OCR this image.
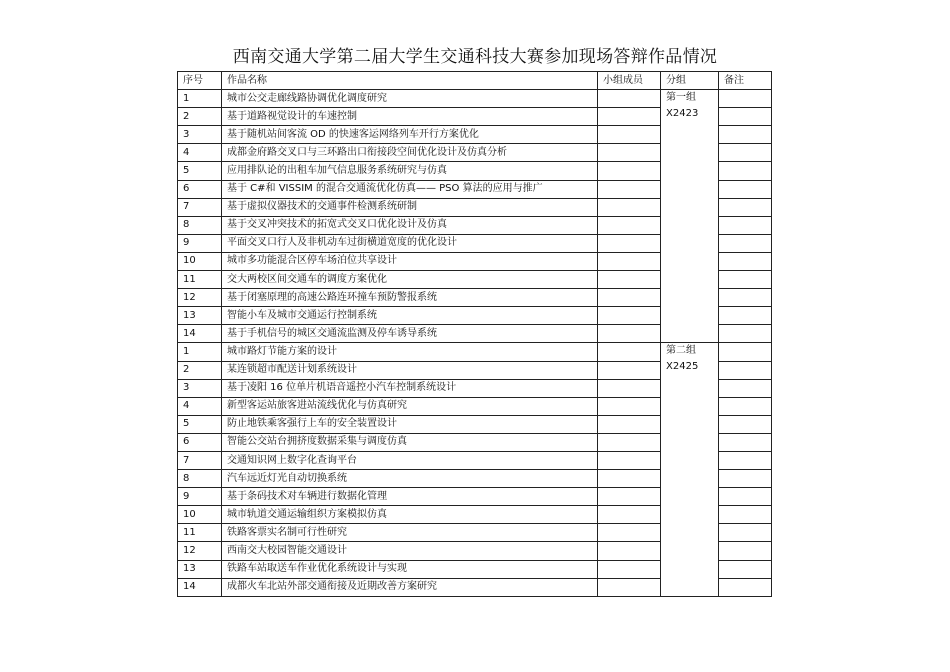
西南交通大学第二届大学生交通科技大赛参加现场答辩作品情况
序号	作品名称	小组成员	分组	备注
1	城市公交走廊线路协调优化调度研究		第一组
X2423	

2	基于道路视觉设计的车速控制			
3	基于随机站间客流 OD 的快速客运网络列车开行方案优化			
4	成都金府路交叉口与三环路出口衔接段空间优化设计及仿真分析			
5	应用排队论的出租车加气信息服务系统研究与仿真			
6	基于 C#和 VISSIM 的混合交通流优化仿真—— PSO 算法的应用与推广			
7	基于虚拟仪器技术的交通事件检测系统研制			
8	基于交叉冲突技术的拓宽式交叉口优化设计及仿真			
9	平面交叉口行人及非机动车过街横道宽度的优化设计			
10	城市多功能混合区停车场泊位共享设计			
11	交大两校区间交通车的调度方案优化			
12	基于闭塞原理的高速公路连环撞车预防警报系统			
13	智能小车及城市交通运行控制系统			
14	基于手机信号的城区交通流监测及停车诱导系统			
1	城市路灯节能方案的设计		第二组
X2425	

2	某连锁超市配送计划系统设计			
3	基于凌阳 16 位单片机语音遥控小汽车控制系统设计			
4	新型客运站旅客进站流线优化与仿真研究			
5	防止地铁乘客强行上车的安全装置设计			
6	智能公交站台拥挤度数据采集与调度仿真			
7	交通知识网上数字化查询平台			
8	汽车远近灯光自动切换系统			
9	基于条码技术对车辆进行数据化管理			
10	城市轨道交通运输组织方案模拟仿真			
11	铁路客票实名制可行性研究			
12	西南交大校园智能交通设计			
13	铁路车站取送车作业优化系统设计与实现			
14	成都火车北站外部交通衔接及近期改善方案研究			
